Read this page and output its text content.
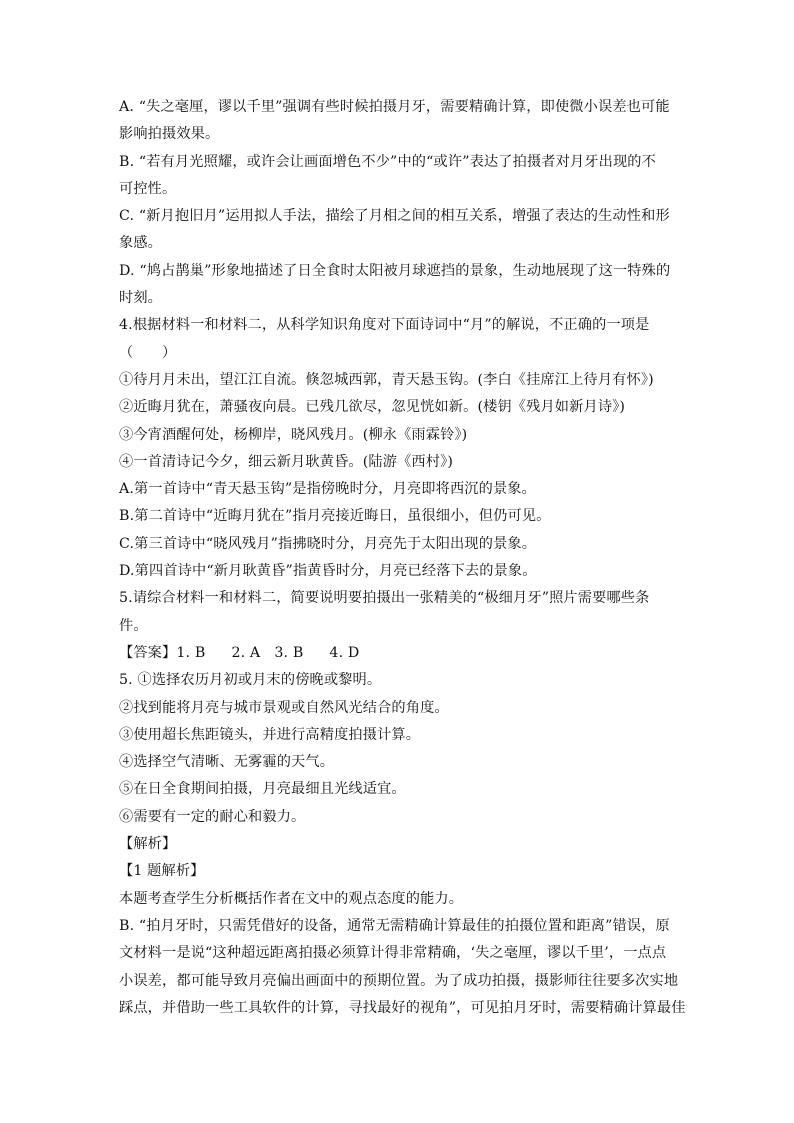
A. “失之毫厘，谬以千里”强调有些时候拍摄月牙，需要精确计算，即使微小误差也可能
影响拍摄效果。
B. “若有月光照耀，或许会让画面增色不少”中的“或许”表达了拍摄者对月牙出现的不
可控性。
C. “新月抱旧月”运用拟人手法，描绘了月相之间的相互关系，增强了表达的生动性和形
象感。
D. “鸠占鹊巢”形象地描述了日全食时太阳被月球遮挡的景象，生动地展现了这一特殊的
时刻。
4.根据材料一和材料二，从科学知识角度对下面诗词中“月”的解说，不正确的一项是
（　　）
①待月月未出，望江江自流。倏忽城西郭，青天悬玉钩。(李白《挂席江上待月有怀》)
②近晦月犹在，萧骚夜向晨。已残几欲尽，忽见恍如新。(楼钥《残月如新月诗》)
③今宵酒醒何处，杨柳岸，晓风残月。(柳永《雨霖铃》)
④一首清诗记今夕，细云新月耿黄昏。(陆游《西村》)
A.第一首诗中“青天悬玉钩”是指傍晚时分，月亮即将西沉的景象。
B.第二首诗中“近晦月犹在”指月亮接近晦日，虽很细小，但仍可见。
C.第三首诗中“晓风残月”指拂晓时分，月亮先于太阳出现的景象。
D.第四首诗中“新月耿黄昏”指黄昏时分，月亮已经落下去的景象。
5.请综合材料一和材料二，简要说明要拍摄出一张精美的“极细月牙”照片需要哪些条
件。
【答案】1. B 2. A 3. B 4. D
5. ①选择农历月初或月末的傍晚或黎明。
②找到能将月亮与城市景观或自然风光结合的角度。
③使用超长焦距镜头，并进行高精度拍摄计算。
④选择空气清晰、无雾霾的天气。
⑤在日全食期间拍摄，月亮最细且光线适宜。
⑥需要有一定的耐心和毅力。
【解析】
【1 题解析】
本题考查学生分析概括作者在文中的观点态度的能力。
B. “拍月牙时，只需凭借好的设备，通常无需精确计算最佳的拍摄位置和距离”错误，原
文材料一是说“这种超远距离拍摄必须算计得非常精确，‘失之毫厘，谬以千里’，一点点
小误差，都可能导致月亮偏出画面中的预期位置。为了成功拍摄，摄影师往往要多次实地
踩点，并借助一些工具软件的计算，寻找最好的视角”，可见拍月牙时，需要精确计算最佳
